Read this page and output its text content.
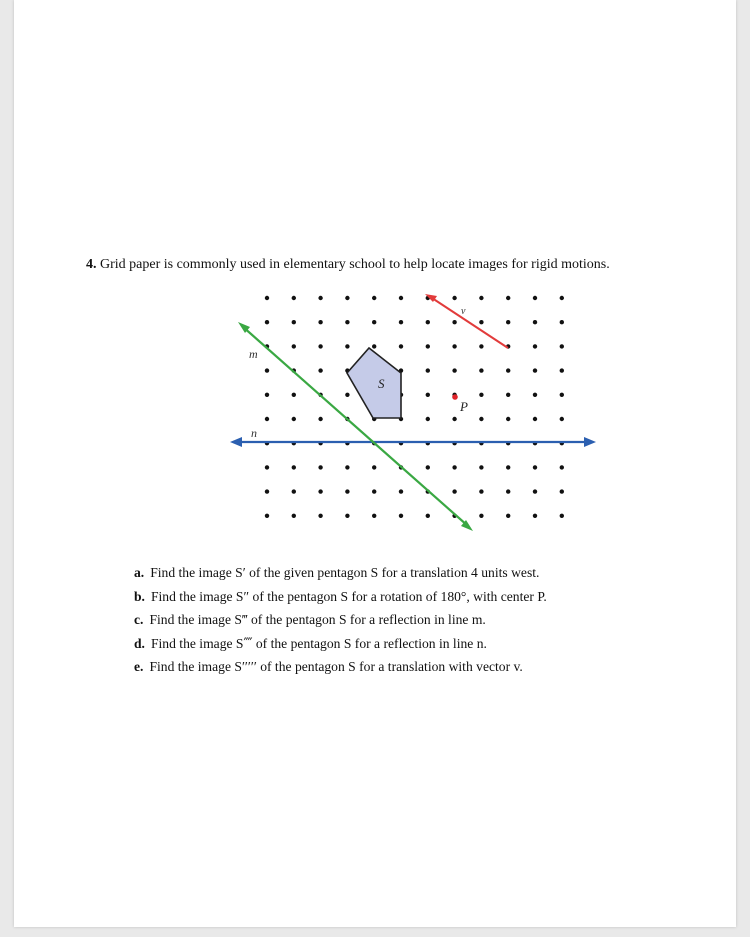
4. Grid paper is commonly used in elementary school to help locate images for rigid motions.
m
n
v
S
P
a. Find the image S′ of the given pentagon S for a translation 4 units west.
b. Find the image S″ of the pentagon S for a rotation of 180°, with center P.
c. Find the image S‴ of the pentagon S for a reflection in line m.
d. Find the image S⁗ of the pentagon S for a reflection in line n.
e. Find the image S′′′′′ of the pentagon S for a translation with vector v.
